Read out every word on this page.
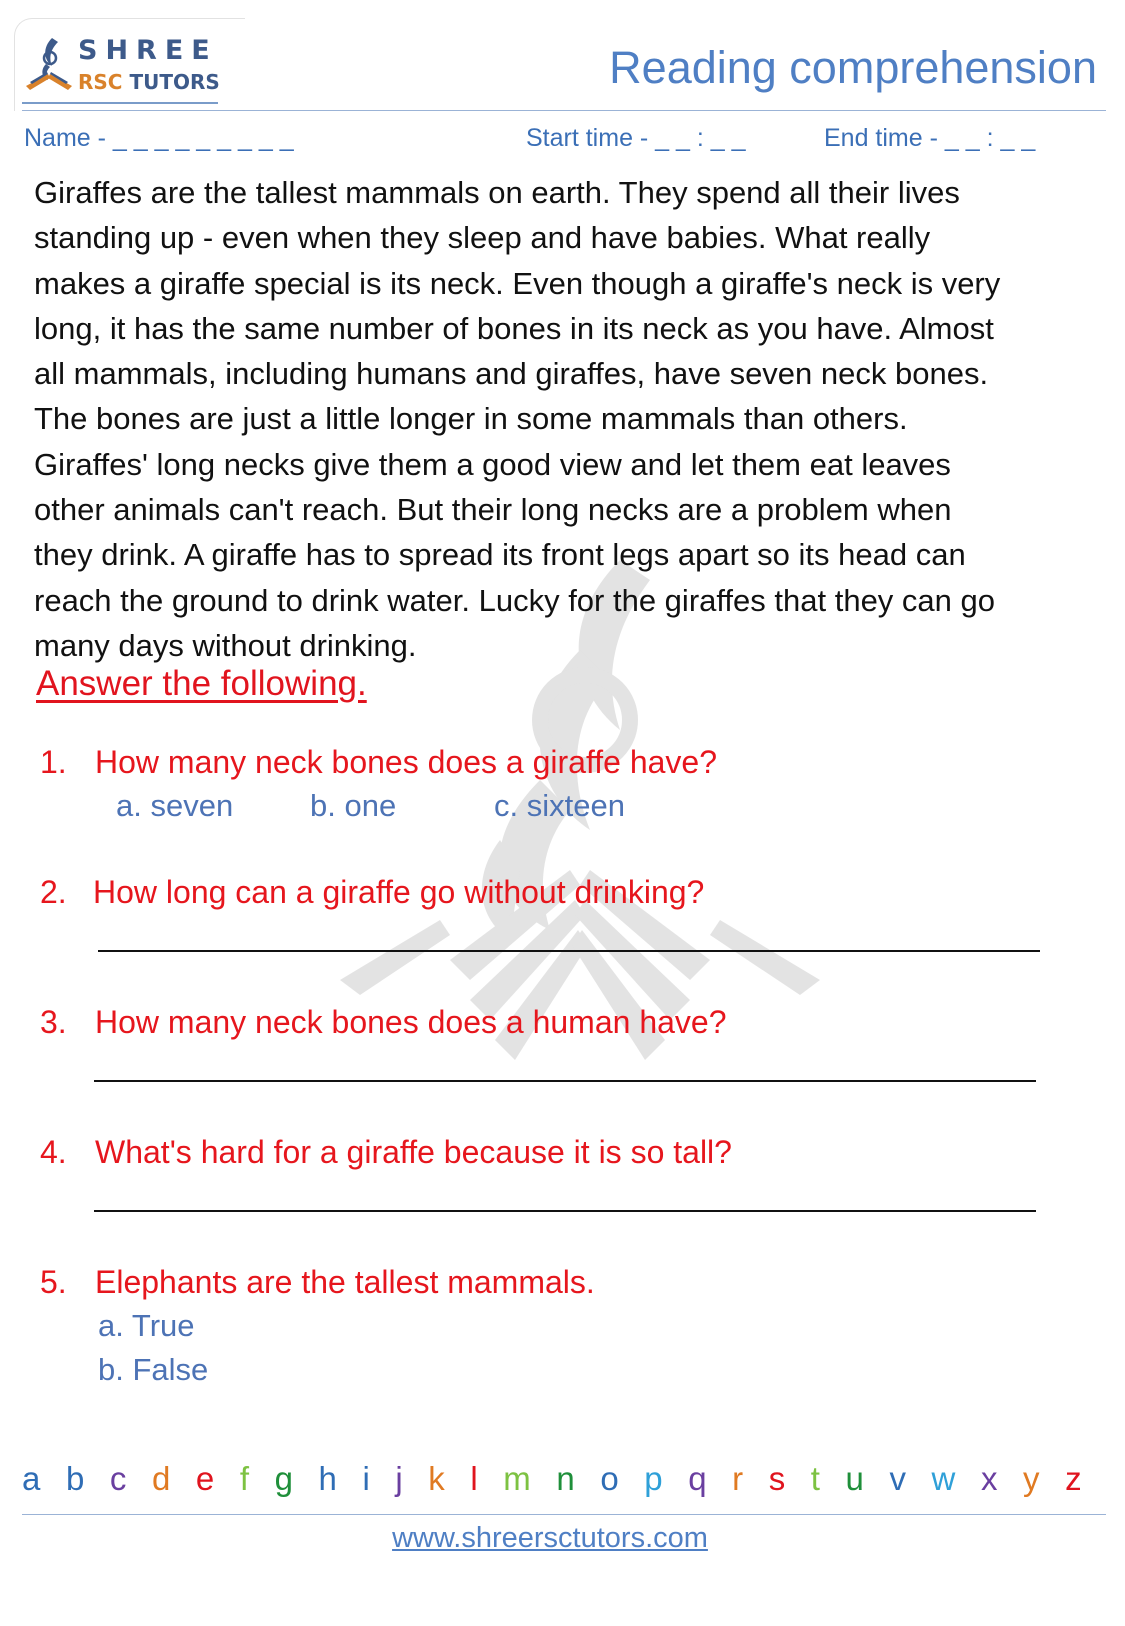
SHREE
RSC TUTORS	Reading comprehension
Name - _ _ _ _ _ _ _ _ _	Start time - _ _ : _ _	End time - _ _ : _ _
Giraffes are the tallest mammals on earth. They spend all their lives
standing up - even when they sleep and have babies. What really
makes a giraffe special is its neck. Even though a giraffe's neck is very
long, it has the same number of bones in its neck as you have. Almost
all mammals, including humans and giraffes, have seven neck bones.
The bones are just a little longer in some mammals than others.
Giraffes' long necks give them a good view and let them eat leaves
other animals can't reach. But their long necks are a problem when
they drink. A giraffe has to spread its front legs apart so its head can
reach the ground to drink water. Lucky for the giraffes that they can go
many days without drinking.
Answer the following.
1. How many neck bones does a giraffe have?
a. seven b. one	c. sixteen
2. How long can a giraffe go without drinking?
3. How many neck bones does a human have?
4. What's hard for a giraffe because it is so tall?
5. Elephants are the tallest mammals.
a. True
b. False
a b c d e f g h i j k l m n o p q r s t u v w x y z
www.shreersctutors.com
